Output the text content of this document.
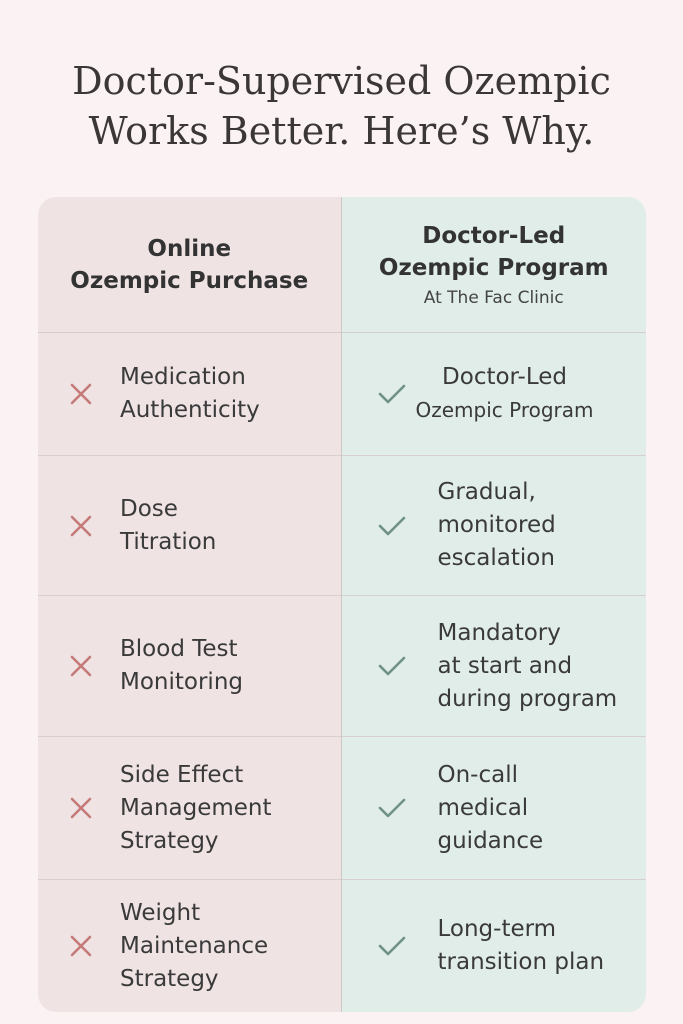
Doctor-Supervised Ozempic
Works Better. Here’s Why.
Online
Ozempic Purchase
Medication
Authenticity
Dose
Titration
Blood Test
Monitoring
Side Effect
Management
Strategy
Weight
Maintenance
Strategy
Doctor-Led
Ozempic Program
At The Fac Clinic
Doctor-Led
Ozempic Program
Gradual,
monitored
escalation
Mandatory
at start and
during program
On-call
medical
guidance
Long-term
transition plan
